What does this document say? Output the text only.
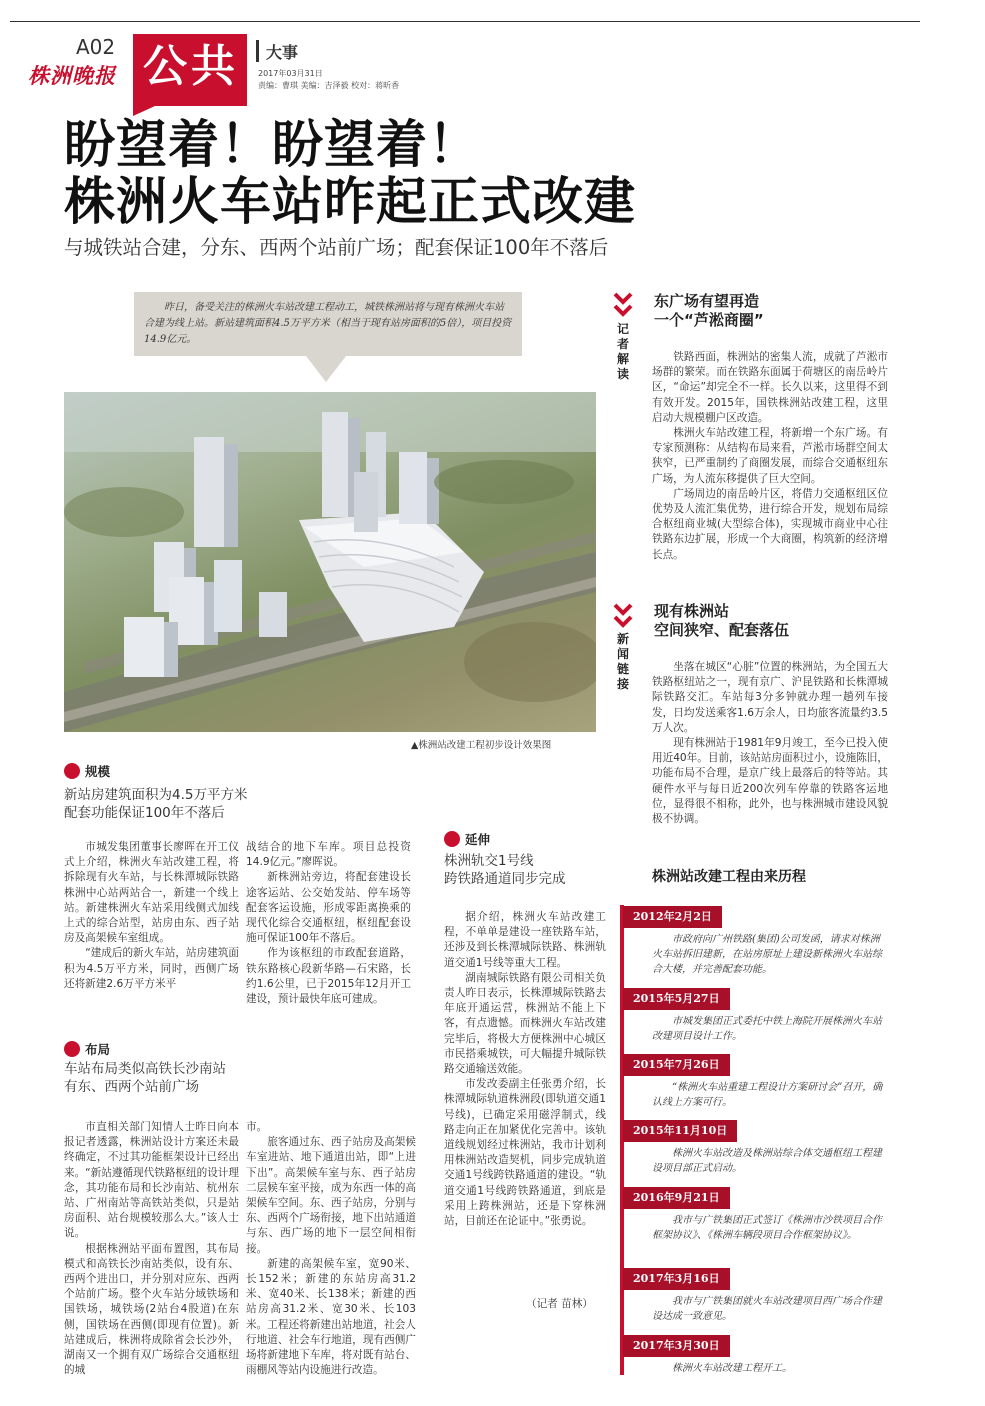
A02
株洲晚报 公共 大事
2017年03月31日
责编：曹琪 美编：吉泽毅 校对：蒋昕香
盼望着！盼望着！
株洲火车站昨起正式改建
与城铁站合建，分东、西两个站前广场；配套保证100年不落后
昨日，备受关注的株洲火车站改建工程动工，城铁株洲站将与现有株洲火车站合建为线上站。新站建筑面积4.5万平方米（相当于现有站房面积的5倍），项目投资14.9亿元。
▲株洲站改建工程初步设计效果图
规模
新站房建筑面积为4.5万平方米
配套功能保证100年不落后

市城发集团董事长廖晖在开工仪式上介绍，株洲火车站改建工程，将拆除现有火车站，与长株潭城际铁路株洲中心站两站合一，新建一个线上站。新建株洲火车站采用线侧式加线上式的综合站型，站房由东、西子站房及高架候车室组成。

“建成后的新火车站，站房建筑面积为4.5万平方米，同时，西侧广场还将新建2.6万平方米平

战结合的地下车库。项目总投资14.9亿元。”廖晖说。

新株洲站旁边，将配套建设长途客运站、公交始发站、停车场等配套客运设施，形成零距离换乘的现代化综合交通枢纽，枢纽配套设施可保证100年不落后。

作为该枢纽的市政配套道路，铁东路核心段新华路—石宋路，长约1.6公里，已于2015年12月开工建设，预计最快年底可建成。

布局
车站布局类似高铁长沙南站
有东、西两个站前广场

市直相关部门知情人士昨日向本报记者透露，株洲站设计方案还未最终确定，不过其功能框架设计已经出来。“新站遵循现代铁路枢纽的设计理念，其功能布局和长沙南站、杭州东站、广州南站等高铁站类似，只是站房面积、站台规模较那么大。”该人士说。

根据株洲站平面布置图，其布局模式和高铁长沙南站类似，设有东、西两个进出口，并分别对应东、西两个站前广场。整个火车站分域铁场和国铁场，城铁场(2站台4股道)在东侧，国铁场在西侧(即现有位置)。新站建成后，株洲将成除省会长沙外，湖南又一个拥有双广场综合交通枢纽的城

市。

旅客通过东、西子站房及高架候车室进站、地下通道出站，即“上进下出”。高架候车室与东、西子站房二层候车室平接，成为东西一体的高架候车空间。东、西子站房，分别与东、西两个广场衔接，地下出站通道与东、西广场的地下一层空间相衔接。

新建的高架候车室，宽90米、长152米；新建的东站房高31.2米、宽40米、长138米；新建的西站房高31.2米、宽30米、长103米。工程还将新建出站地道，社会人行地道、社会车行地道，现有西侧广场将新建地下车库，将对既有站台、雨棚风等站内设施进行改造。

延伸
株洲轨交1号线
跨铁路通道同步完成

据介绍，株洲火车站改建工程，不单单是建设一座铁路车站，还涉及到长株潭城际铁路、株洲轨道交通1号线等重大工程。

湖南城际铁路有限公司相关负责人昨日表示，长株潭城际铁路去年底开通运营，株洲站不能上下客，有点遗憾。而株洲火车站改建完毕后，将极大方便株洲中心城区市民搭乘城铁，可大幅提升城际铁路交通输送效能。

市发改委副主任张勇介绍，长株潭城际轨道株洲段(即轨道交通1号线)，已确定采用磁浮制式，线路走向正在加紧优化完善中。该轨道线规划经过株洲站，我市计划利用株洲站改造契机，同步完成轨道交通1号线跨铁路通道的建设。“轨道交通1号线跨铁路通道，到底是采用上跨株洲站，还是下穿株洲站，目前还在论证中。”张勇说。

（记者 苗林）
记者解读
东广场有望再造
一个“芦淞商圈”

铁路西面，株洲站的密集人流，成就了芦淞市场群的繁荣。而在铁路东面属于荷塘区的南岳岭片区，“命运”却完全不一样。长久以来，这里得不到有效开发。2015年，国铁株洲站改建工程，这里启动大规模棚户区改造。

株洲火车站改建工程，将新增一个东广场。有专家预测称：从结构布局来看，芦淞市场群空间太狭窄，已严重制约了商圈发展，而综合交通枢纽东广场，为人流东移提供了巨大空间。

广场周边的南岳岭片区，将借力交通枢纽区位优势及人流汇集优势，进行综合开发，规划布局综合枢纽商业城(大型综合体)，实现城市商业中心往铁路东边扩展，形成一个大商圈，构筑新的经济增长点。

新闻链接
现有株洲站
空间狭窄、配套落伍

坐落在城区“心脏”位置的株洲站，为全国五大铁路枢纽站之一，现有京广、沪昆铁路和长株潭城际铁路交汇。车站每3分多钟就办理一趟列车接发，日均发送乘客1.6万余人，日均旅客流量约3.5万人次。

现有株洲站于1981年9月竣工，至今已投入使用近40年。目前，该站站房面积过小，设施陈旧，功能布局不合理，是京广线上最落后的特等站。其硬件水平与每日近200次列车停靠的铁路客运地位，显得很不相称，此外，也与株洲城市建设风貌极不协调。

株洲站改建工程由来历程
2012年2月2日
市政府向广州铁路(集团)公司发函，请求对株洲火车站拆旧建新，在站房原址上建设新株洲火车站综合大楼，并完善配套功能。
2015年5月27日
市城发集团正式委托中铁上海院开展株洲火车站改建项目设计工作。
2015年7月26日
“株洲火车站重建工程设计方案研讨会”召开，确认线上方案可行。
2015年11月10日
株洲火车站改造及株洲站综合体交通枢纽工程建设项目部正式启动。
2016年9月21日
我市与广铁集团正式签订《株洲市沙铁项目合作框架协议》、《株洲车辆段项目合作框架协议》。
2017年3月16日
我市与广铁集团就火车站改建项目西广场合作建设达成一致意见。
2017年3月30日
株洲火车站改建工程开工。
